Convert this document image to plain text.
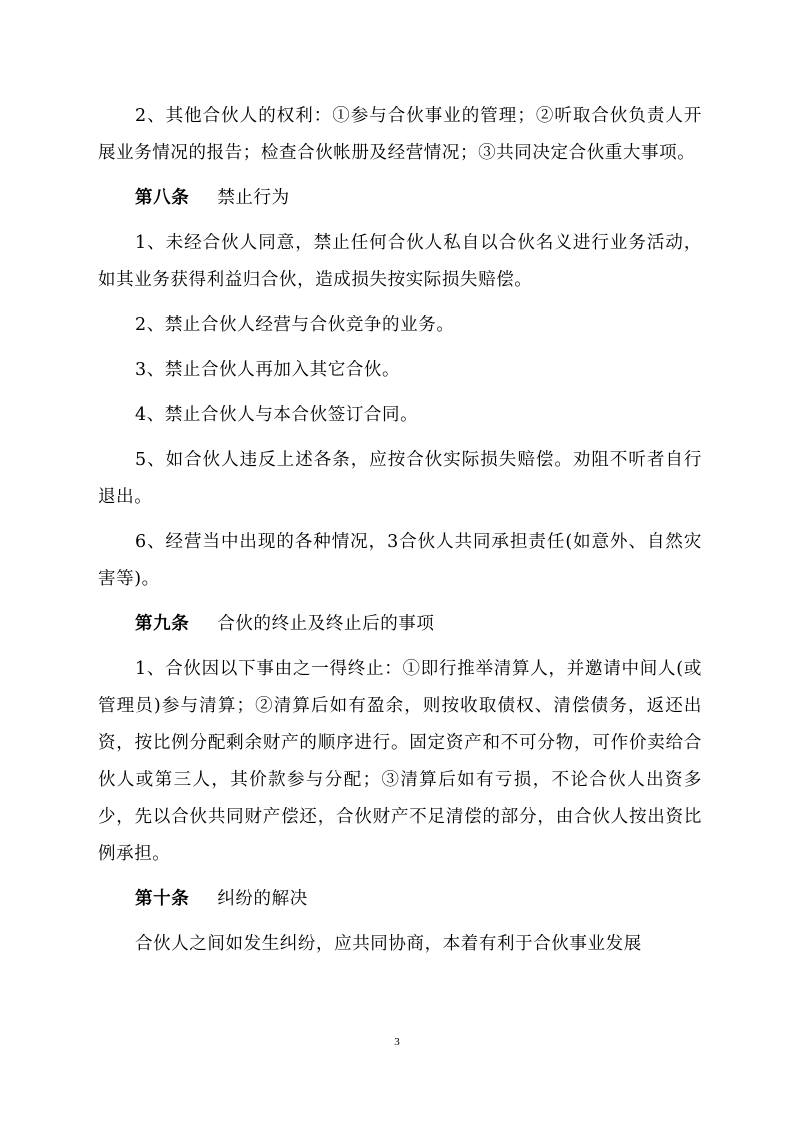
2、其他合伙人的权利：①参与合伙事业的管理；②听取合伙负责人开展业务情况的报告；检查合伙帐册及经营情况；③共同决定合伙重大事项。

第八条 禁止行为

1、未经合伙人同意，禁止任何合伙人私自以合伙名义进行业务活动，如其业务获得利益归合伙，造成损失按实际损失赔偿。

2、禁止合伙人经营与合伙竞争的业务。

3、禁止合伙人再加入其它合伙。

4、禁止合伙人与本合伙签订合同。

5、如合伙人违反上述各条，应按合伙实际损失赔偿。劝阻不听者自行退出。

6、经营当中出现的各种情况，3合伙人共同承担责任(如意外、自然灾害等)。

第九条 合伙的终止及终止后的事项

1、合伙因以下事由之一得终止：①即行推举清算人，并邀请中间人(或管理员)参与清算；②清算后如有盈余，则按收取债权、清偿债务，返还出资，按比例分配剩余财产的顺序进行。固定资产和不可分物，可作价卖给合伙人或第三人，其价款参与分配；③清算后如有亏损，不论合伙人出资多少，先以合伙共同财产偿还，合伙财产不足清偿的部分，由合伙人按出资比例承担。

第十条 纠纷的解决

合伙人之间如发生纠纷，应共同协商，本着有利于合伙事业发展

3
